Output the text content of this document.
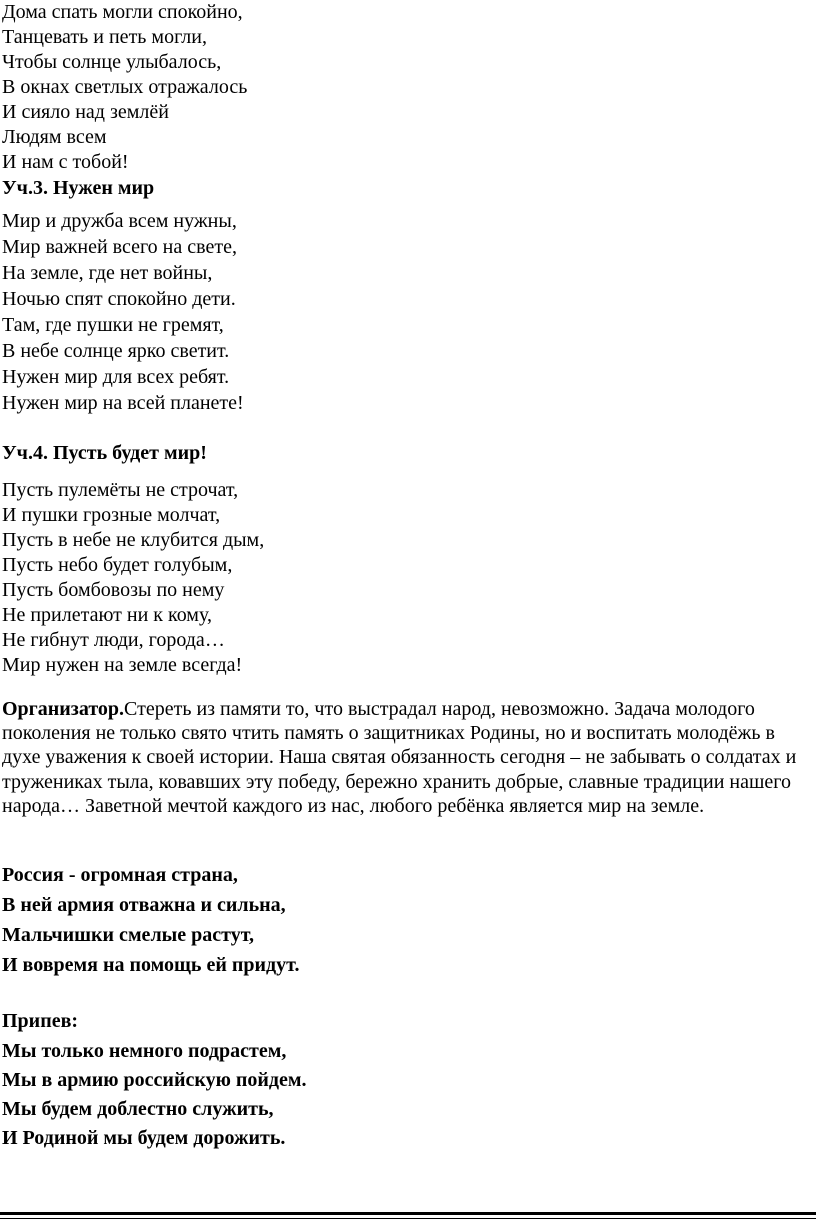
Дома спать могли спокойно,
Танцевать и петь могли,
Чтобы солнце улыбалось,
В окнах светлых отражалось
И сияло над землёй
Людям всем
И нам с тобой!
Уч.3. Нужен мир
Мир и дружба всем нужны,
Мир важней всего на свете,
На земле, где нет войны,
Ночью спят спокойно дети.
Там, где пушки не гремят,
В небе солнце ярко светит.
Нужен мир для всех ребят.
Нужен мир на всей планете!
Уч.4. Пусть будет мир!
Пусть пулемёты не строчат,
И пушки грозные молчат,
Пусть в небе не клубится дым,
Пусть небо будет голубым,
Пусть бомбовозы по нему
Не прилетают ни к кому,
Не гибнут люди, города…
Мир нужен на земле всегда!
Организатор.Стереть из памяти то, что выстрадал народ, невозможно. Задача молодого поколения не только свято чтить память о защитниках Родины, но и воспитать молодёжь в духе уважения к своей истории. Наша святая обязанность сегодня – не забывать о солдатах и тружениках тыла, ковавших эту победу, бережно хранить добрые, славные традиции нашего народа… Заветной мечтой каждого из нас, любого ребёнка является мир на земле.
Россия - огромная страна,
В ней армия отважна и сильна,
Мальчишки смелые растут,
И вовремя на помощь ей придут.
Припев:
Мы только немного подрастем,
Мы в армию российскую пойдем.
Мы будем доблестно служить,
И Родиной мы будем дорожить.
